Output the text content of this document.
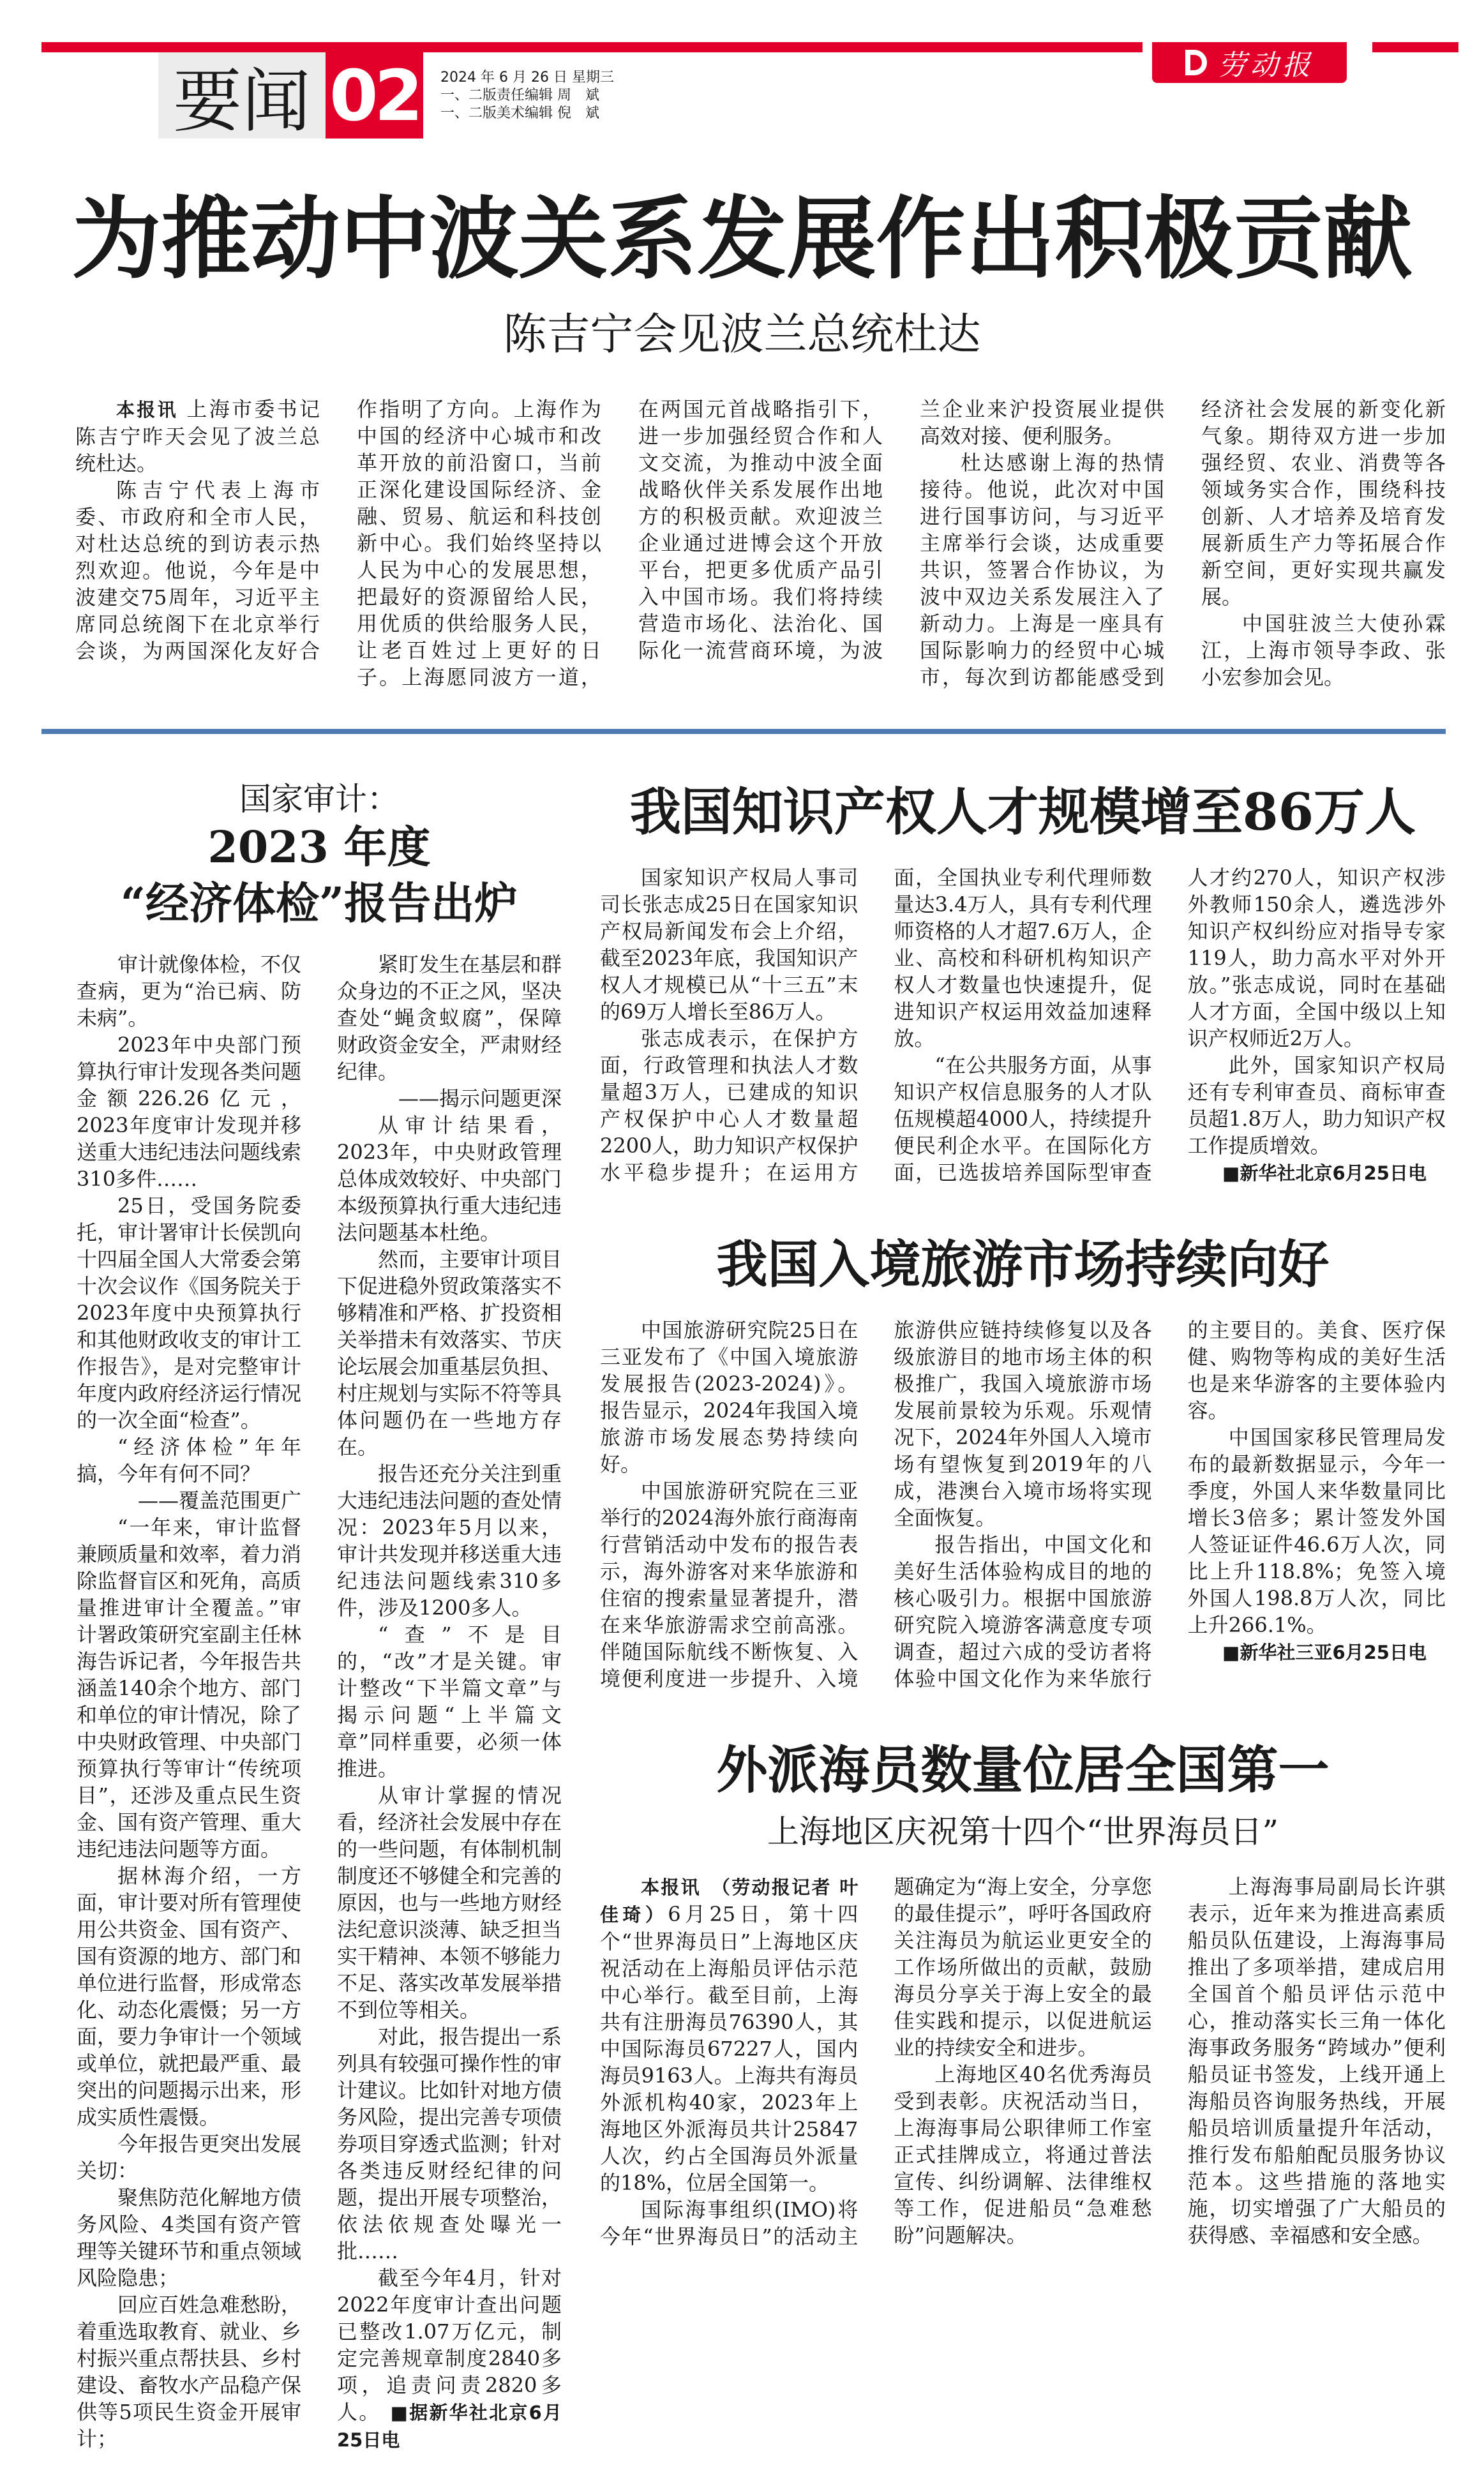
劳动报
要闻 02 2024 年 6 月 26 日 星期三
一、二版责任编辑 周　斌
一、二版美术编辑 倪　斌
为推动中波关系发展作出积极贡献
陈吉宁会见波兰总统杜达

本报讯 上海市委书记陈吉宁昨天会见了波兰总统杜达。

陈吉宁代表上海市委、市政府和全市人民，对杜达总统的到访表示热烈欢迎。他说，今年是中波建交75周年，习近平主席同总统阁下在北京举行会谈，为两国深化友好合作指明了方向。上海作为中国的经济中心城市和改革开放的前沿窗口，当前正深化建设国际经济、金融、贸易、航运和科技创新中心。我们始终坚持以人民为中心的发展思想，把最好的资源留给人民，用优质的供给服务人民，让老百姓过上更好的日子。上海愿同波方一道，在两国元首战略指引下，进一步加强经贸合作和人文交流，为推动中波全面战略伙伴关系发展作出地方的积极贡献。欢迎波兰企业通过进博会这个开放平台，把更多优质产品引入中国市场。我们将持续营造市场化、法治化、国际化一流营商环境，为波兰企业来沪投资展业提供高效对接、便利服务。

杜达感谢上海的热情接待。他说，此次对中国进行国事访问，与习近平主席举行会谈，达成重要共识，签署合作协议，为波中双边关系发展注入了新动力。上海是一座具有国际影响力的经贸中心城市，每次到访都能感受到经济社会发展的新变化新气象。期待双方进一步加强经贸、农业、消费等各领域务实合作，围绕科技创新、人才培养及培育发展新质生产力等拓展合作新空间，更好实现共赢发展。

中国驻波兰大使孙霖江，上海市领导李政、张小宏参加会见。

国家审计：
2023 年度
“经济体检”报告出炉

审计就像体检，不仅查病，更为“治已病、防未病”。

2023年中央部门预算执行审计发现各类问题金额226.26亿元，2023年度审计发现并移送重大违纪违法问题线索310多件……

25日，受国务院委托，审计署审计长侯凯向十四届全国人大常委会第十次会议作《国务院关于2023年度中央预算执行和其他财政收支的审计工作报告》，是对完整审计年度内政府经济运行情况的一次全面“检查”。

“经济体检”年年搞，今年有何不同？

——覆盖范围更广

“一年来，审计监督兼顾质量和效率，着力消除监督盲区和死角，高质量推进审计全覆盖。”审计署政策研究室副主任林海告诉记者，今年报告共涵盖140余个地方、部门和单位的审计情况，除了中央财政管理、中央部门预算执行等审计“传统项目”，还涉及重点民生资金、国有资产管理、重大违纪违法问题等方面。

据林海介绍，一方面，审计要对所有管理使用公共资金、国有资产、国有资源的地方、部门和单位进行监督，形成常态化、动态化震慑；另一方面，要力争审计一个领域或单位，就把最严重、最突出的问题揭示出来，形成实质性震慑。

今年报告更突出发展关切：

聚焦防范化解地方债务风险、4类国有资产管理等关键环节和重点领域风险隐患；

回应百姓急难愁盼，着重选取教育、就业、乡村振兴重点帮扶县、乡村建设、畜牧水产品稳产保供等5项民生资金开展审计；

紧盯发生在基层和群众身边的不正之风，坚决查处“蝇贪蚁腐”，保障财政资金安全，严肃财经纪律。

——揭示问题更深

从审计结果看，2023年，中央财政管理总体成效较好、中央部门本级预算执行重大违纪违法问题基本杜绝。

然而，主要审计项目下促进稳外贸政策落实不够精准和严格、扩投资相关举措未有效落实、节庆论坛展会加重基层负担、村庄规划与实际不符等具体问题仍在一些地方存在。

报告还充分关注到重大违纪违法问题的查处情况：2023年5月以来，审计共发现并移送重大违纪违法问题线索310多件，涉及1200多人。

“查”不是目的，“改”才是关键。审计整改“下半篇文章”与揭示问题“上半篇文章”同样重要，必须一体推进。

从审计掌握的情况看，经济社会发展中存在的一些问题，有体制机制制度还不够健全和完善的原因，也与一些地方财经法纪意识淡薄、缺乏担当实干精神、本领不够能力不足、落实改革发展举措不到位等相关。

对此，报告提出一系列具有较强可操作性的审计建议。比如针对地方债务风险，提出完善专项债券项目穿透式监测；针对各类违反财经纪律的问题，提出开展专项整治，依法依规查处曝光一批……

截至今年4月，针对2022年度审计查出问题已整改1.07万亿元，制定完善规章制度2840多项，追责问责2820多人。　■据新华社北京6月25日电

我国知识产权人才规模增至86万人

国家知识产权局人事司司长张志成25日在国家知识产权局新闻发布会上介绍，截至2023年底，我国知识产权人才规模已从“十三五”末的69万人增长至86万人。

张志成表示，在保护方面，行政管理和执法人才数量超3万人，已建成的知识产权保护中心人才数量超2200人，助力知识产权保护水平稳步提升；在运用方面，全国执业专利代理师数量达3.4万人，具有专利代理师资格的人才超7.6万人，企业、高校和科研机构知识产权人才数量也快速提升，促进知识产权运用效益加速释放。

“在公共服务方面，从事知识产权信息服务的人才队伍规模超4000人，持续提升便民利企水平。在国际化方面，已选拔培养国际型审查人才约270人，知识产权涉外教师150余人，遴选涉外知识产权纠纷应对指导专家119人，助力高水平对外开放。”张志成说，同时在基础人才方面，全国中级以上知识产权师近2万人。

此外，国家知识产权局还有专利审查员、商标审查员超1.8万人，助力知识产权工作提质增效。

■新华社北京6月25日电

我国入境旅游市场持续向好

中国旅游研究院25日在三亚发布了《中国入境旅游发展报告(2023-2024)》。报告显示，2024年我国入境旅游市场发展态势持续向好。

中国旅游研究院在三亚举行的2024海外旅行商海南行营销活动中发布的报告表示，海外游客对来华旅游和住宿的搜索量显著提升，潜在来华旅游需求空前高涨。伴随国际航线不断恢复、入境便利度进一步提升、入境旅游供应链持续修复以及各级旅游目的地市场主体的积极推广，我国入境旅游市场发展前景较为乐观。乐观情况下，2024年外国人入境市场有望恢复到2019年的八成，港澳台入境市场将实现全面恢复。

报告指出，中国文化和美好生活体验构成目的地的核心吸引力。根据中国旅游研究院入境游客满意度专项调查，超过六成的受访者将体验中国文化作为来华旅行的主要目的。美食、医疗保健、购物等构成的美好生活也是来华游客的主要体验内容。

中国国家移民管理局发布的最新数据显示，今年一季度，外国人来华数量同比增长3倍多；累计签发外国人签证证件46.6万人次，同比上升118.8%；免签入境外国人198.8万人次，同比上升266.1%。

■新华社三亚6月25日电

外派海员数量位居全国第一
上海地区庆祝第十四个“世界海员日”

本报讯　（劳动报记者 叶佳琦）6月25日，第十四个“世界海员日”上海地区庆祝活动在上海船员评估示范中心举行。截至目前，上海共有注册海员76390人，其中国际海员67227人，国内海员9163人。上海共有海员外派机构40家，2023年上海地区外派海员共计25847人次，约占全国海员外派量的18%，位居全国第一。

国际海事组织(IMO)将今年“世界海员日”的活动主题确定为“海上安全，分享您的最佳提示”，呼吁各国政府关注海员为航运业更安全的工作场所做出的贡献，鼓励海员分享关于海上安全的最佳实践和提示，以促进航运业的持续安全和进步。

上海地区40名优秀海员受到表彰。庆祝活动当日，上海海事局公职律师工作室正式挂牌成立，将通过普法宣传、纠纷调解、法律维权等工作，促进船员“急难愁盼”问题解决。

上海海事局副局长许骐表示，近年来为推进高素质船员队伍建设，上海海事局推出了多项举措，建成启用全国首个船员评估示范中心，推动落实长三角一体化海事政务服务“跨域办”便利船员证书签发，上线开通上海船员咨询服务热线，开展船员培训质量提升年活动，推行发布船舶配员服务协议范本。这些措施的落地实施，切实增强了广大船员的获得感、幸福感和安全感。
